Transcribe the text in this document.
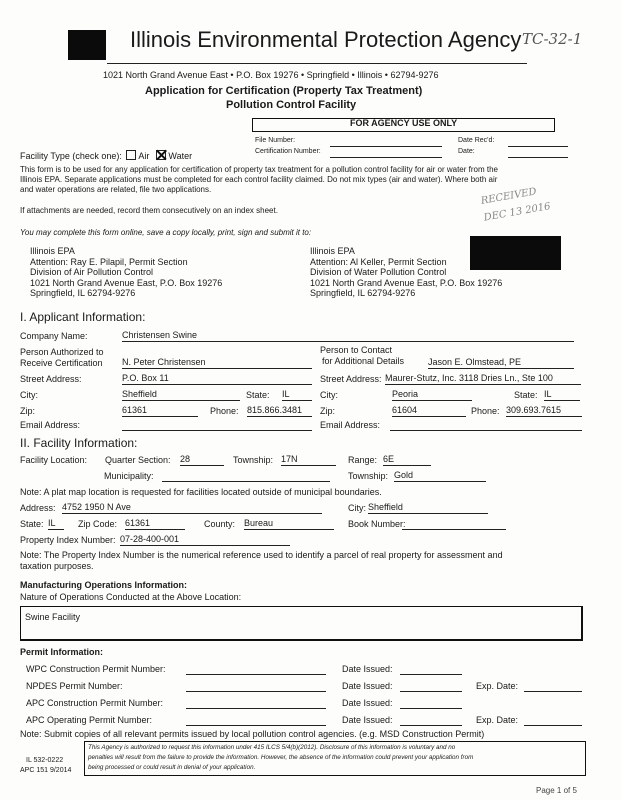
Illinois Environmental Protection Agency TC-32-1
1021 North Grand Avenue East • P.O. Box 19276 • Springfield • Illinois • 62794-9276
Application for Certification (Property Tax Treatment)
Pollution Control Facility
FOR AGENCY USE ONLY
File Number:	Date Rec'd:
Certification Number:	Date:
Facility Type (check one): Air Water
This form is to be used for any application for certification of property tax treatment for a pollution control facility for air or water from the
Illinois EPA. Separate applications must be completed for each control facility claimed. Do not mix types (air and water). Where both air
and water operations are related, file two applications.
If attachments are needed, record them consecutively on an index sheet.
You may complete this form online, save a copy locally, print, sign and submit it to:
RECEIVED
DEC 13 2016
Illinois EPA
Attention: Ray E. Pilapil, Permit Section
Division of Air Pollution Control
1021 North Grand Avenue East, P.O. Box 19276
Springfield, IL 62794-9276
Illinois EPA
Attention: Al Keller, Permit Section
Division of Water Pollution Control
1021 North Grand Avenue East, P.O. Box 19276
Springfield, IL 62794-9276
I. Applicant Information:
Company Name:	Christensen Swine
Person Authorized to
Receive Certification N. Peter Christensen
Person to Contact
for Additional Details	Jason E. Olmstead, PE
Street Address:	P.O. Box 11	Street Address: Maurer-Stutz, Inc. 3118 Dries Ln., Ste 100
City:	Sheffield	State: IL	City:	Peoria	State: IL
Zip:	61361	Phone: 815.866.3481	Zip:	61604	Phone: 309.693.7615
Email Address:	Email Address:
II. Facility Information:
Facility Location: Quarter Section: 28	Township: 17N	Range: 6E
Municipality:	Township: Gold
Note: A plat map location is requested for facilities located outside of municipal boundaries.
Address: 4752 1950 N Ave	City: Sheffield
State: IL	Zip Code: 61361	County: Bureau	Book Number:
Property Index Number: 07-28-400-001
Note: The Property Index Number is the numerical reference used to identify a parcel of real property for assessment and
taxation purposes.
Manufacturing Operations Information:
Nature of Operations Conducted at the Above Location:
Swine Facility
Permit Information:
WPC Construction Permit Number:	Date Issued:
NPDES Permit Number:	Date Issued:	Exp. Date:
APC Construction Permit Number:	Date Issued:
APC Operating Permit Number:	Date Issued:	Exp. Date:
Note: Submit copies of all relevant permits issued by local pollution control agencies. (e.g. MSD Construction Permit)
IL 532-0222
APC 151 9/2014
This Agency is authorized to request this information under 415 ILCS 5/4(b)(2012). Disclosure of this information is voluntary and no
penalties will result from the failure to provide the information. However, the absence of the information could prevent your application from
being processed or could result in denial of your application.
Page 1 of 5
